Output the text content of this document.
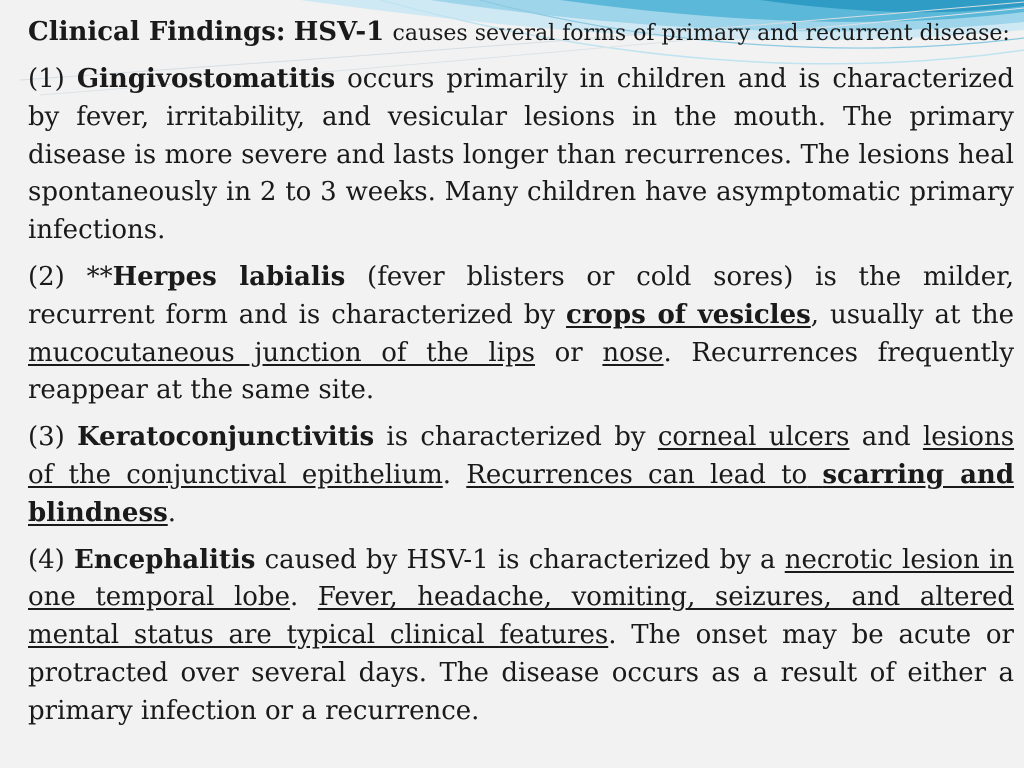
Clinical Findings: HSV-1 causes several forms of primary and recurrent disease:

(1) Gingivostomatitis occurs primarily in children and is characterized by fever, irritability, and vesicular lesions in the mouth. The primary disease is more severe and lasts longer than recurrences. The lesions heal spontaneously in 2 to 3 weeks. Many children have asymptomatic primary infections.

(2) **Herpes labialis (fever blisters or cold sores) is the milder, recurrent form and is characterized by crops of vesicles, usually at the mucocutaneous junction of the lips or nose. Recurrences frequently reappear at the same site.

(3) Keratoconjunctivitis is characterized by corneal ulcers and lesions of the conjunctival epithelium. Recurrences can lead to scarring and blindness.

(4) Encephalitis caused by HSV-1 is characterized by a necrotic lesion in one temporal lobe. Fever, headache, vomiting, seizures, and altered mental status are typical clinical features. The onset may be acute or protracted over several days. The disease occurs as a result of either a primary infection or a recurrence.
